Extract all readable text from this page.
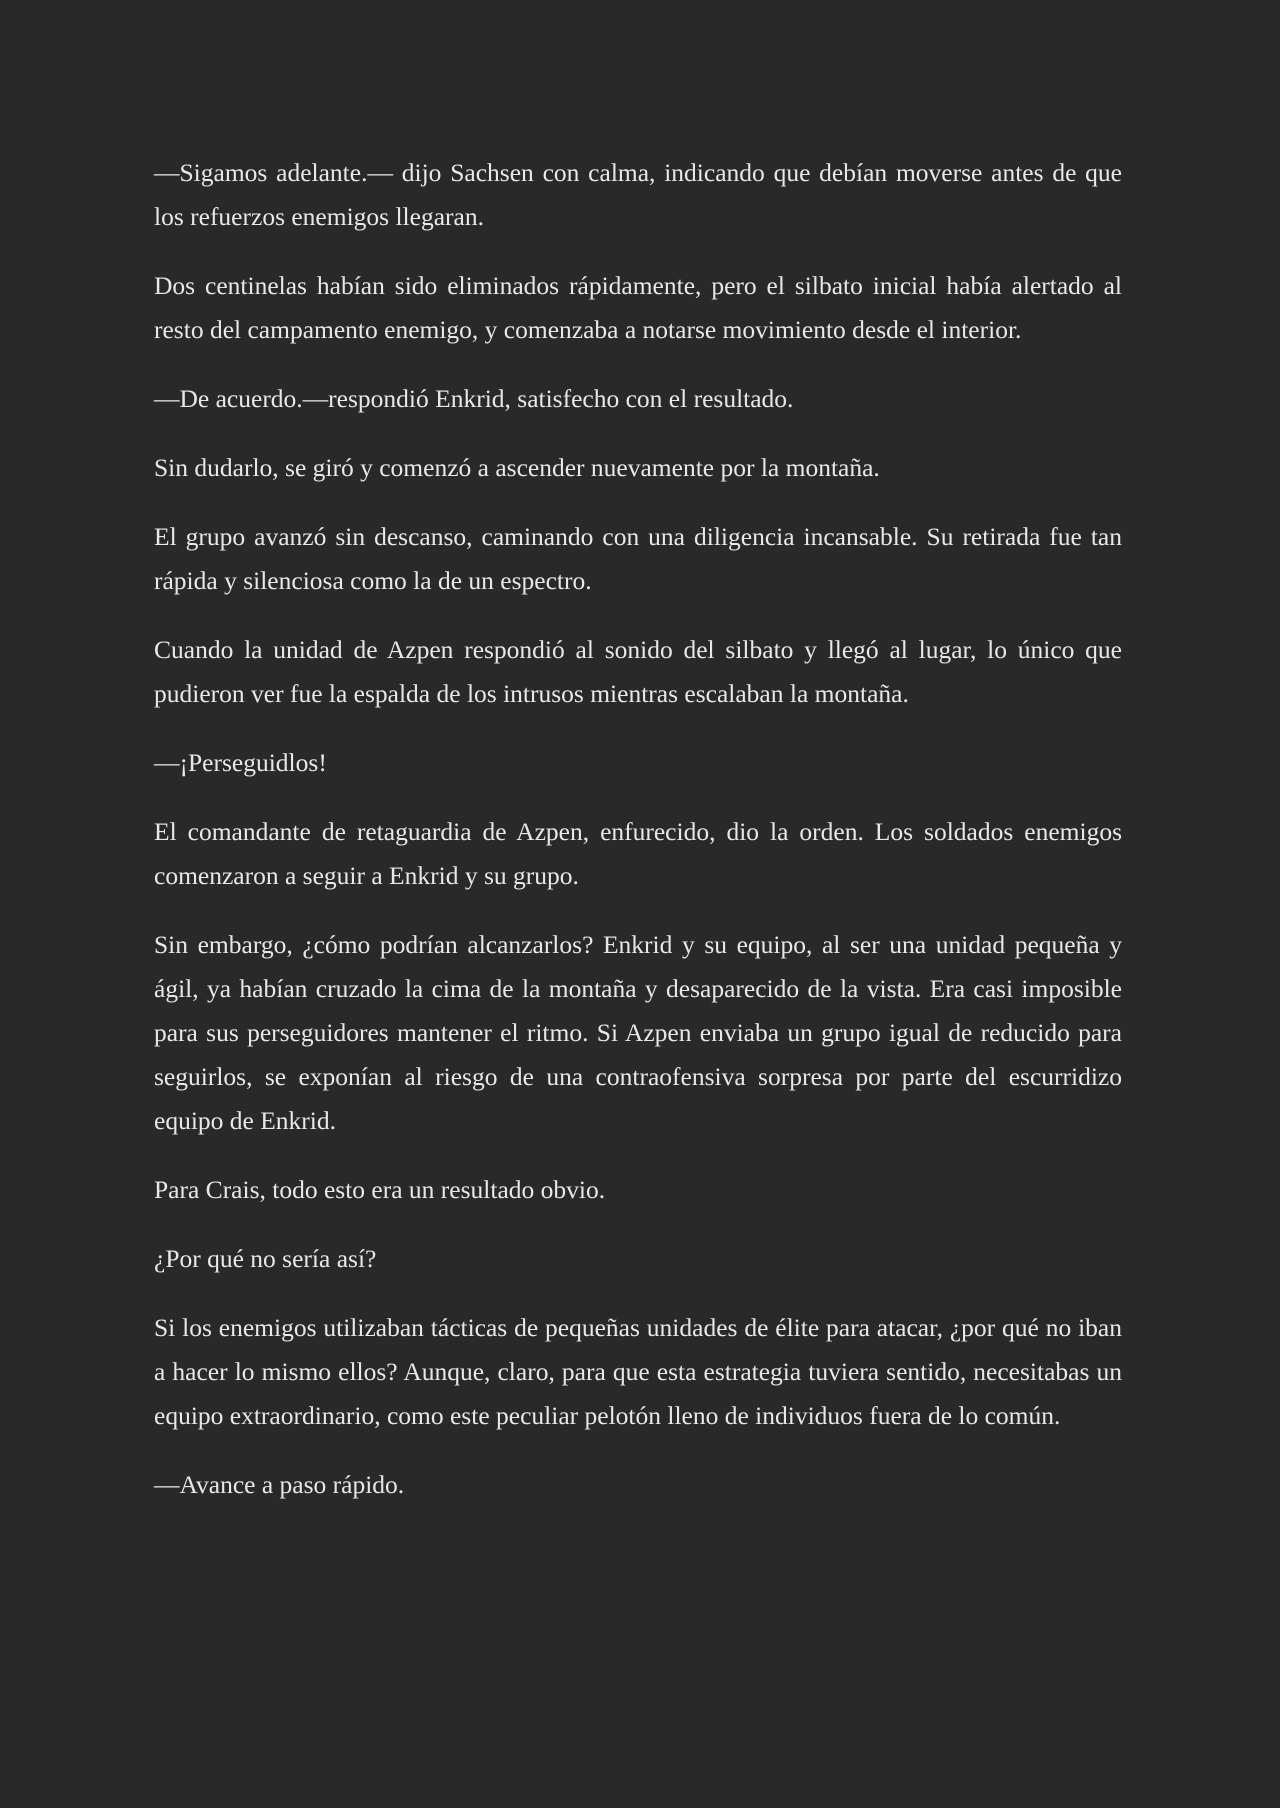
—Sigamos adelante.— dijo Sachsen con calma, indicando que debían moverse antes de que los refuerzos enemigos llegaran.

Dos centinelas habían sido eliminados rápidamente, pero el silbato inicial había alertado al resto del campamento enemigo, y comenzaba a notarse movimiento desde el interior.

—De acuerdo.—respondió Enkrid, satisfecho con el resultado.

Sin dudarlo, se giró y comenzó a ascender nuevamente por la montaña.

El grupo avanzó sin descanso, caminando con una diligencia incansable. Su retirada fue tan rápida y silenciosa como la de un espectro.

Cuando la unidad de Azpen respondió al sonido del silbato y llegó al lugar, lo único que pudieron ver fue la espalda de los intrusos mientras escalaban la montaña.

—¡Perseguidlos!

El comandante de retaguardia de Azpen, enfurecido, dio la orden. Los soldados enemigos comenzaron a seguir a Enkrid y su grupo.

Sin embargo, ¿cómo podrían alcanzarlos? Enkrid y su equipo, al ser una unidad pequeña y ágil, ya habían cruzado la cima de la montaña y desaparecido de la vista. Era casi imposible para sus perseguidores mantener el ritmo. Si Azpen enviaba un grupo igual de reducido para seguirlos, se exponían al riesgo de una contraofensiva sorpresa por parte del escurridizo equipo de Enkrid.

Para Crais, todo esto era un resultado obvio.

¿Por qué no sería así?

Si los enemigos utilizaban tácticas de pequeñas unidades de élite para atacar, ¿por qué no iban a hacer lo mismo ellos? Aunque, claro, para que esta estrategia tuviera sentido, necesitabas un equipo extraordinario, como este peculiar pelotón lleno de individuos fuera de lo común.

—Avance a paso rápido.
